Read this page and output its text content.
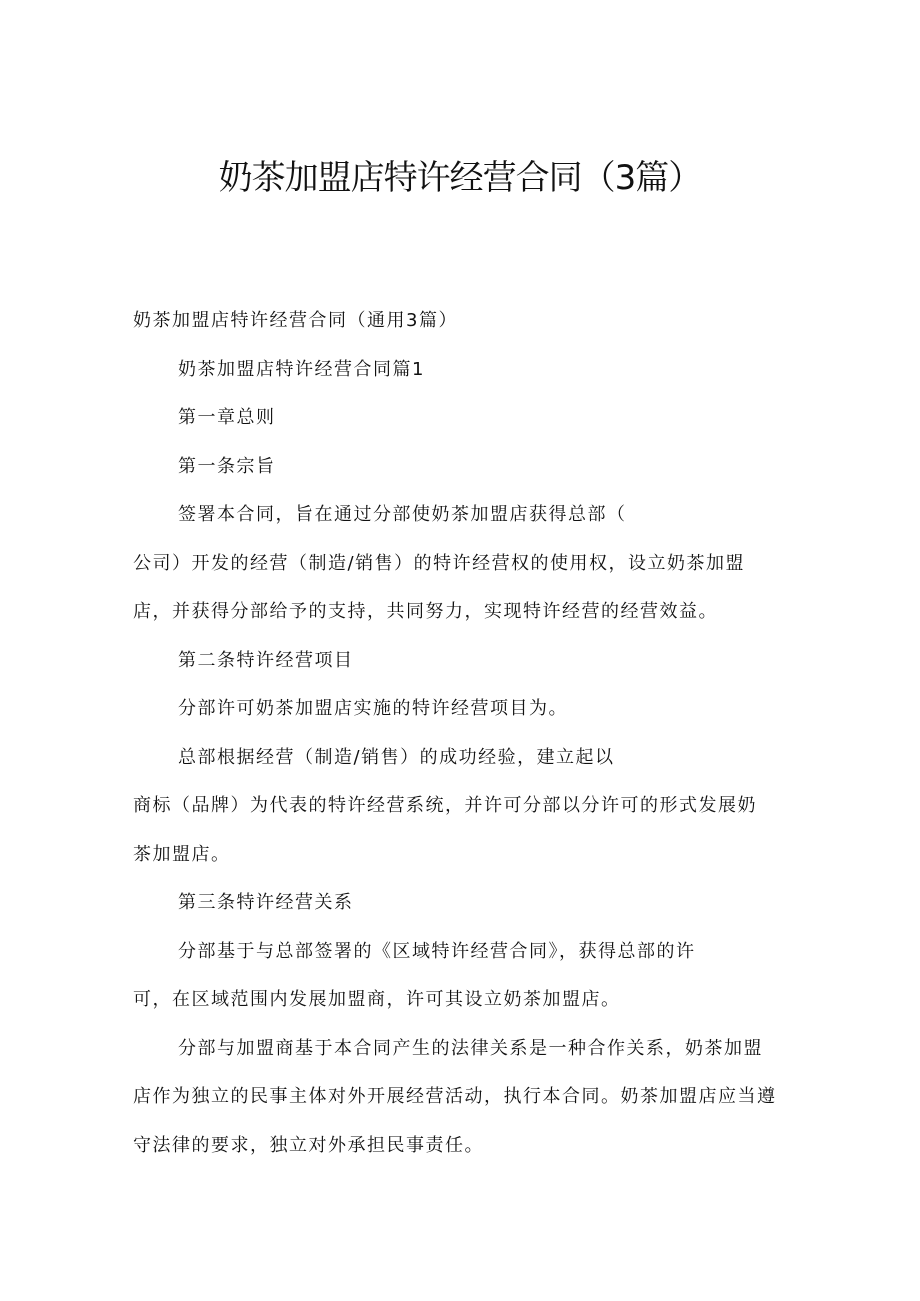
奶茶加盟店特许经营合同（3篇）

奶茶加盟店特许经营合同（通用3篇）

奶茶加盟店特许经营合同篇1

第一章总则

第一条宗旨

签署本合同，旨在通过分部使奶茶加盟店获得总部（

公司）开发的经营（制造/销售）的特许经营权的使用权，设立奶茶加盟

店，并获得分部给予的支持，共同努力，实现特许经营的经营效益。

第二条特许经营项目

分部许可奶茶加盟店实施的特许经营项目为。

总部根据经营（制造/销售）的成功经验，建立起以

商标（品牌）为代表的特许经营系统，并许可分部以分许可的形式发展奶

茶加盟店。

第三条特许经营关系

分部基于与总部签署的《区域特许经营合同》，获得总部的许

可，在区域范围内发展加盟商，许可其设立奶茶加盟店。

分部与加盟商基于本合同产生的法律关系是一种合作关系，奶茶加盟

店作为独立的民事主体对外开展经营活动，执行本合同。奶茶加盟店应当遵

守法律的要求，独立对外承担民事责任。
